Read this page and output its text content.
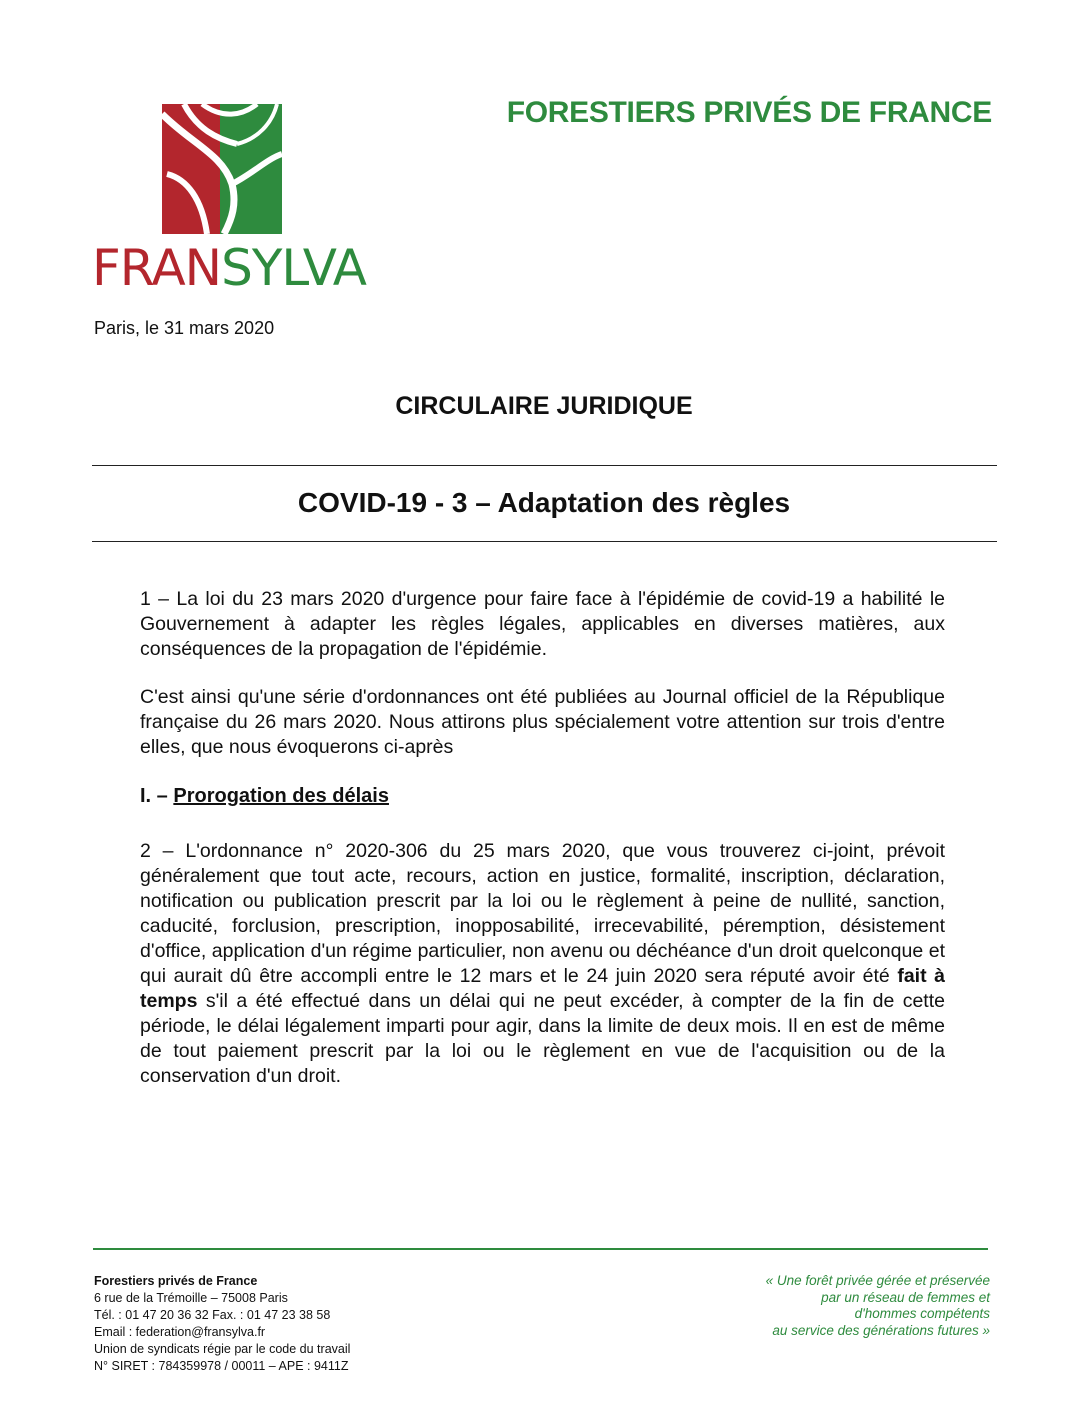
FRANSYLVA
FORESTIERS PRIVÉS DE FRANCE
Paris, le 31 mars 2020
CIRCULAIRE JURIDIQUE
COVID-19 - 3 – Adaptation des règles
1 – La loi du 23 mars 2020 d'urgence pour faire face à l'épidémie de covid-19 a habilité le Gouvernement à adapter les règles légales, applicables en diverses matières, aux conséquences de la propagation de l'épidémie.
C'est ainsi qu'une série d'ordonnances ont été publiées au Journal officiel de la République française du 26 mars 2020. Nous attirons plus spécialement votre attention sur trois d'entre elles, que nous évoquerons ci-après
I. – Prorogation des délais
2 – L'ordonnance n° 2020-306 du 25 mars 2020, que vous trouverez ci-joint, prévoit généralement que tout acte, recours, action en justice, formalité, inscription, déclaration, notification ou publication prescrit par la loi ou le règlement à peine de nullité, sanction, caducité, forclusion, prescription, inopposabilité, irrecevabilité, péremption, désistement d'office, application d'un régime particulier, non avenu ou déchéance d'un droit quelconque et qui aurait dû être accompli entre le 12 mars et le 24 juin 2020 sera réputé avoir été fait à temps s'il a été effectué dans un délai qui ne peut excéder, à compter de la fin de cette période, le délai légalement imparti pour agir, dans la limite de deux mois. Il en est de même de tout paiement prescrit par la loi ou le règlement en vue de l'acquisition ou de la conservation d'un droit.
Forestiers privés de France
6 rue de la Trémoille – 75008 Paris
Tél. : 01 47 20 36 32 Fax. : 01 47 23 38 58
Email : federation@fransylva.fr
Union de syndicats régie par le code du travail
N° SIRET : 784359978 / 00011 – APE : 9411Z
« Une forêt privée gérée et préservée
par un réseau de femmes et
d'hommes compétents
au service des générations futures »
